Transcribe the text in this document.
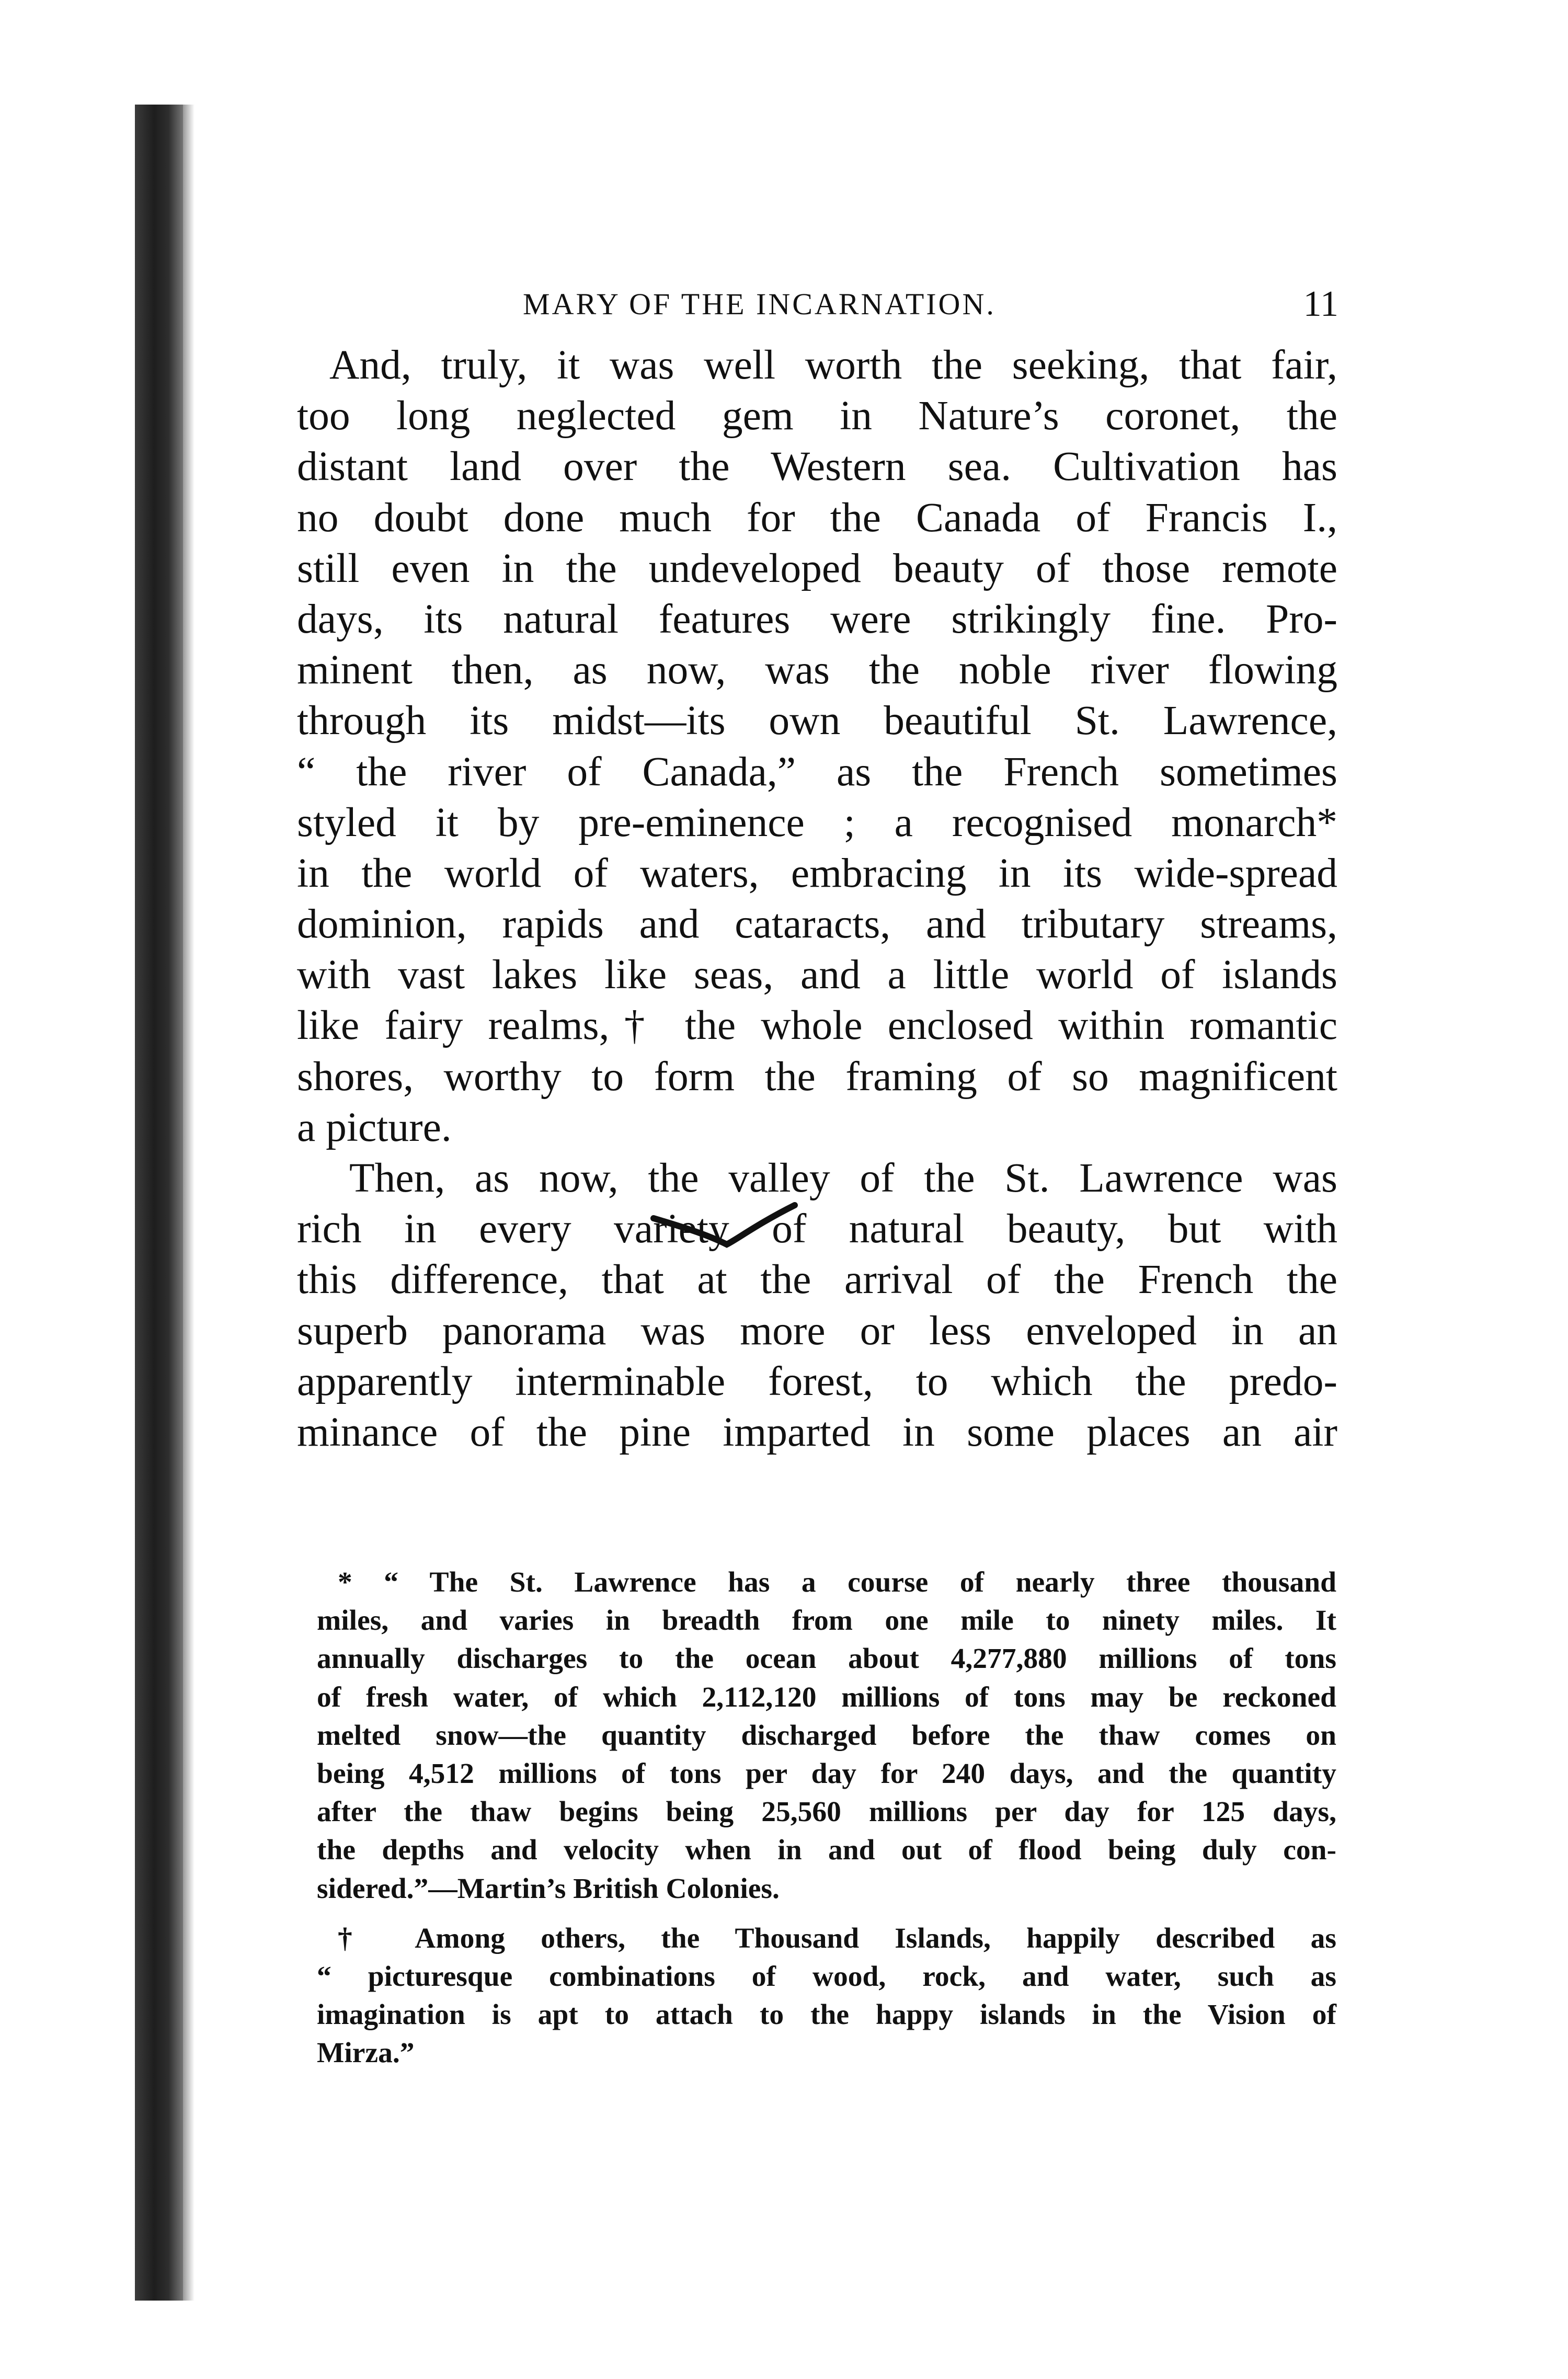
MARY OF THE INCARNATION.	11
And, truly, it was well worth the seeking, that fair,
too long neglected gem in Nature’s coronet, the
distant land over the Western sea. Cultivation has
no doubt done much for the Canada of Francis I.,
still even in the undeveloped beauty of those remote
days, its natural features were strikingly fine. Pro-
minent then, as now, was the noble river flowing
through its midst—its own beautiful St. Lawrence,
“ the river of Canada,” as the French sometimes
styled it by pre-eminence ; a recognised monarch*
in the world of waters, embracing in its wide-spread
dominion, rapids and cataracts, and tributary streams,
with vast lakes like seas, and a little world of islands
like fairy realms,† the whole enclosed within romantic
shores, worthy to form the framing of so magnificent
a picture.
Then, as now, the valley of the St. Lawrence was
rich in every variety of natural beauty, but with
this difference, that at the arrival of the French the
superb panorama was more or less enveloped in an
apparently interminable forest, to which the predo-
minance of the pine imparted in some places an air
* “ The St. Lawrence has a course of nearly three thousand
miles, and varies in breadth from one mile to ninety miles. It
annually discharges to the ocean about 4,277,880 millions of tons
of fresh water, of which 2,112,120 millions of tons may be reckoned
melted snow—the quantity discharged before the thaw comes on
being 4,512 millions of tons per day for 240 days, and the quantity
after the thaw begins being 25,560 millions per day for 125 days,
the depths and velocity when in and out of flood being duly con-
sidered.”—Martin’s British Colonies.
† Among others, the Thousand Islands, happily described as
“ picturesque combinations of wood, rock, and water, such as
imagination is apt to attach to the happy islands in the Vision of
Mirza.”
